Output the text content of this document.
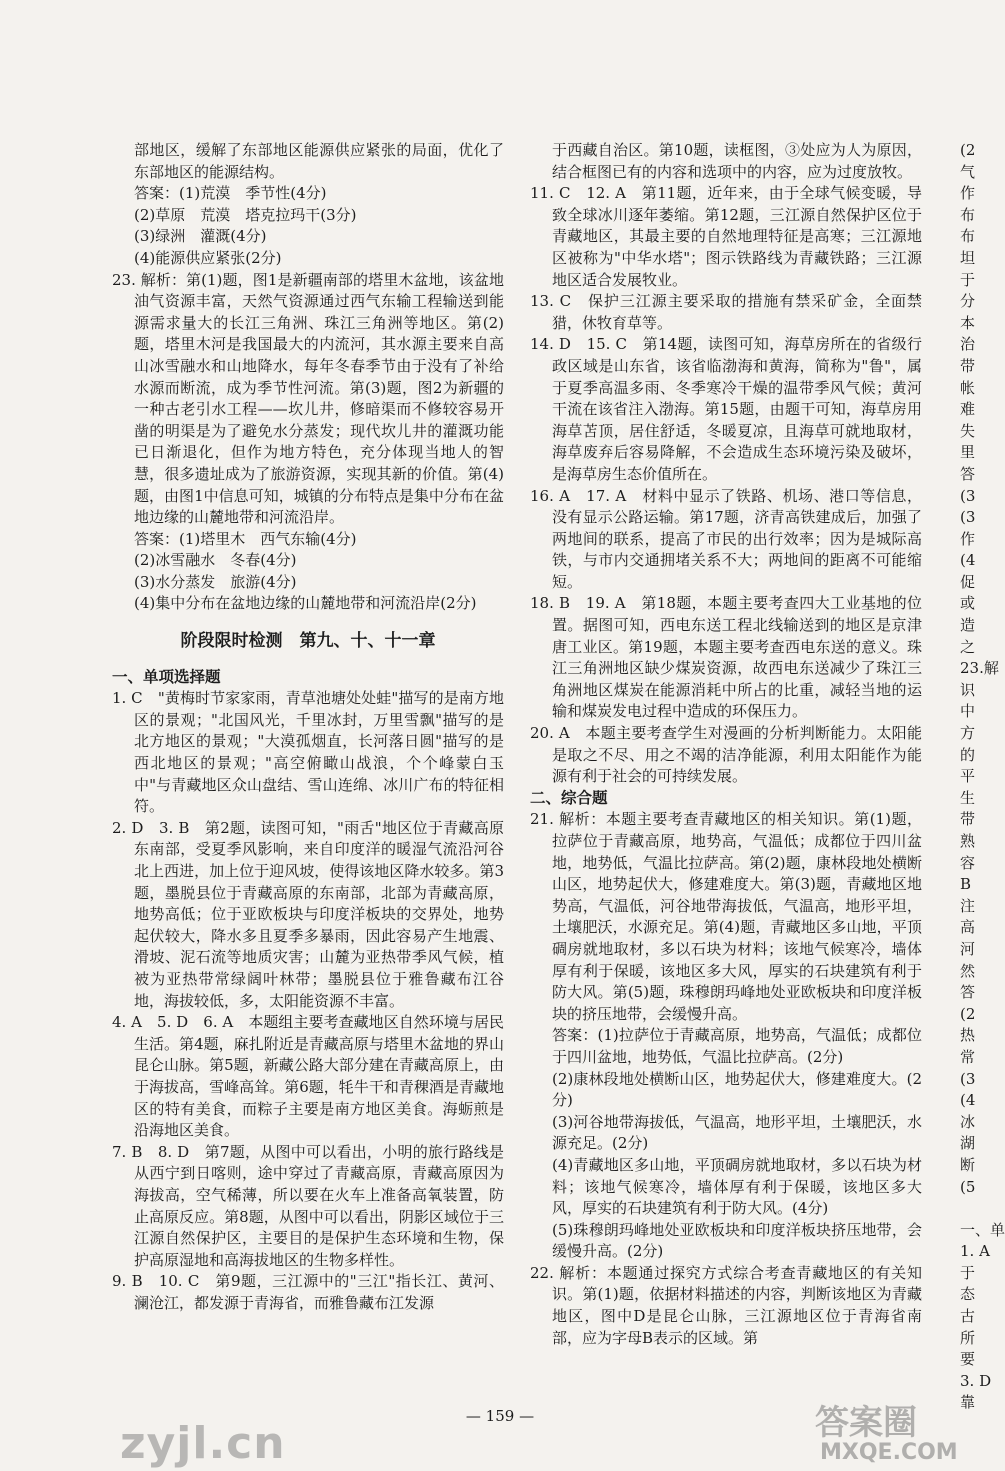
部地区，缓解了东部地区能源供应紧张的局面，优化了东部地区的能源结构。

答案：(1)荒漠　季节性(4分)

(2)草原　荒漠　塔克拉玛干(3分)

(3)绿洲　灌溉(4分)

(4)能源供应紧张(2分)

23. 解析：第(1)题，图1是新疆南部的塔里木盆地，该盆地油气资源丰富，天然气资源通过西气东输工程输送到能源需求量大的长江三角洲、珠江三角洲等地区。第(2)题，塔里木河是我国最大的内流河，其水源主要来自高山冰雪融水和山地降水，每年冬春季节由于没有了补给水源而断流，成为季节性河流。第(3)题，图2为新疆的一种古老引水工程——坎儿井，修暗渠而不修较容易开凿的明渠是为了避免水分蒸发；现代坎儿井的灌溉功能已日渐退化，但作为地方特色，充分体现当地人的智慧，很多遗址成为了旅游资源，实现其新的价值。第(4)题，由图1中信息可知，城镇的分布特点是集中分布在盆地边缘的山麓地带和河流沿岸。

答案：(1)塔里木　西气东输(4分)

(2)冰雪融水　冬春(4分)

(3)水分蒸发　旅游(4分)

(4)集中分布在盆地边缘的山麓地带和河流沿岸(2分)

阶段限时检测　第九、十、十一章

一、单项选择题

1. C　"黄梅时节家家雨，青草池塘处处蛙"描写的是南方地区的景观；"北国风光，千里冰封，万里雪飘"描写的是北方地区的景观；"大漠孤烟直，长河落日圆"描写的是西北地区的景观；"高空俯瞰山战浪，个个峰蒙白玉中"与青藏地区众山盘结、雪山连绵、冰川广布的特征相符。

2. D　3. B　第2题，读图可知，"雨舌"地区位于青藏高原东南部，受夏季风影响，来自印度洋的暖湿气流沿河谷北上西进，加上位于迎风坡，使得该地区降水较多。第3题，墨脱县位于青藏高原的东南部，北部为青藏高原，地势高低；位于亚欧板块与印度洋板块的交界处，地势起伏较大，降水多且夏季多暴雨，因此容易产生地震、滑坡、泥石流等地质灾害；山麓为亚热带季风气候，植被为亚热带常绿阔叶林带；墨脱县位于雅鲁藏布江谷地，海拔较低，多，太阳能资源不丰富。

4. A　5. D　6. A　本题组主要考查藏地区自然环境与居民生活。第4题，麻扎附近是青藏高原与塔里木盆地的界山昆仑山脉。第5题，新藏公路大部分建在青藏高原上，由于海拔高，雪峰高耸。第6题，牦牛干和青稞酒是青藏地区的特有美食，而粽子主要是南方地区美食。海蛎煎是沿海地区美食。

7. B　8. D　第7题，从图中可以看出，小明的旅行路线是从西宁到日喀则，途中穿过了青藏高原，青藏高原因为海拔高，空气稀薄，所以要在火车上准备高氧装置，防止高原反应。第8题，从图中可以看出，阴影区域位于三江源自然保护区，主要目的是保护生态环境和生物，保护高原湿地和高海拔地区的生物多样性。

9. B　10. C　第9题，三江源中的"三江"指长江、黄河、澜沧江，都发源于青海省，而雅鲁藏布江发源

于西藏自治区。第10题，读框图，③处应为人为原因，结合框图已有的内容和选项中的内容，应为过度放牧。

11. C　12. A　第11题，近年来，由于全球气候变暖，导致全球冰川逐年萎缩。第12题，三江源自然保护区位于青藏地区，其最主要的自然地理特征是高寒；三江源地区被称为"中华水塔"；图示铁路线为青藏铁路；三江源地区适合发展牧业。

13. C　保护三江源主要采取的措施有禁采矿金，全面禁猎，休牧育草等。

14. D　15. C　第14题，读图可知，海草房所在的省级行政区域是山东省，该省临渤海和黄海，简称为"鲁"，属于夏季高温多雨、冬季寒冷干燥的温带季风气候；黄河干流在该省注入渤海。第15题，由题干可知，海草房用海草苫顶，居住舒适，冬暖夏凉，且海草可就地取材，海草废弃后容易降解，不会造成生态环境污染及破坏，是海草房生态价值所在。

16. A　17. A　材料中显示了铁路、机场、港口等信息，没有显示公路运输。第17题，济青高铁建成后，加强了两地间的联系，提高了市民的出行效率；因为是城际高铁，与市内交通拥堵关系不大；两地间的距离不可能缩短。

18. B　19. A　第18题，本题主要考查四大工业基地的位置。据图可知，西电东送工程北线输送到的地区是京津唐工业区。第19题，本题主要考查西电东送的意义。珠江三角洲地区缺少煤炭资源，故西电东送减少了珠江三角洲地区煤炭在能源消耗中所占的比重，减轻当地的运输和煤炭发电过程中造成的环保压力。

20. A　本题主要考查学生对漫画的分析判断能力。太阳能是取之不尽、用之不竭的洁净能源，利用太阳能作为能源有利于社会的可持续发展。

二、综合题

21. 解析：本题主要考查青藏地区的相关知识。第(1)题，拉萨位于青藏高原，地势高，气温低；成都位于四川盆地，地势低，气温比拉萨高。第(2)题，康林段地处横断山区，地势起伏大，修建难度大。第(3)题，青藏地区地势高，气温低，河谷地带海拔低，气温高，地形平坦，土壤肥沃，水源充足。第(4)题，青藏地区多山地，平顶碉房就地取材，多以石块为材料；该地气候寒冷，墙体厚有利于保暖，该地区多大风，厚实的石块建筑有利于防大风。第(5)题，珠穆朗玛峰地处亚欧板块和印度洋板块的挤压地带，会缓慢升高。

答案：(1)拉萨位于青藏高原，地势高，气温低；成都位于四川盆地，地势低，气温比拉萨高。(2分)

(2)康林段地处横断山区，地势起伏大，修建难度大。(2分)

(3)河谷地带海拔低，气温高，地形平坦，土壤肥沃，水源充足。(2分)

(4)青藏地区多山地，平顶碉房就地取材，多以石块为材料；该地气候寒冷，墙体厚有利于保暖，该地区多大风，厚实的石块建筑有利于防大风。(4分)

(5)珠穆朗玛峰地处亚欧板块和印度洋板块挤压地带，会缓慢升高。(2分)

22. 解析：本题通过探究方式综合考查青藏地区的有关知识。第(1)题，依据材料描述的内容，判断该地区为青藏地区，图中D是昆仑山脉，三江源地区位于青海省南部，应为字母B表示的区域。第

(2

气

作

布

布

坦

于

分

本

治

带

帐

难

失

里

答

(3

(3

作

(4

促

或

造

之

23.解

识

中

方

的

平

生

带

熟

容

B

注

高

河

然

答

(2

热

常

(3

(4

冰

湖

断

(5

一、单

1. A

于

态

古

所

要

3. D

靠

— 159 —
zyjl.cn	答案圈
MXQE.COM
